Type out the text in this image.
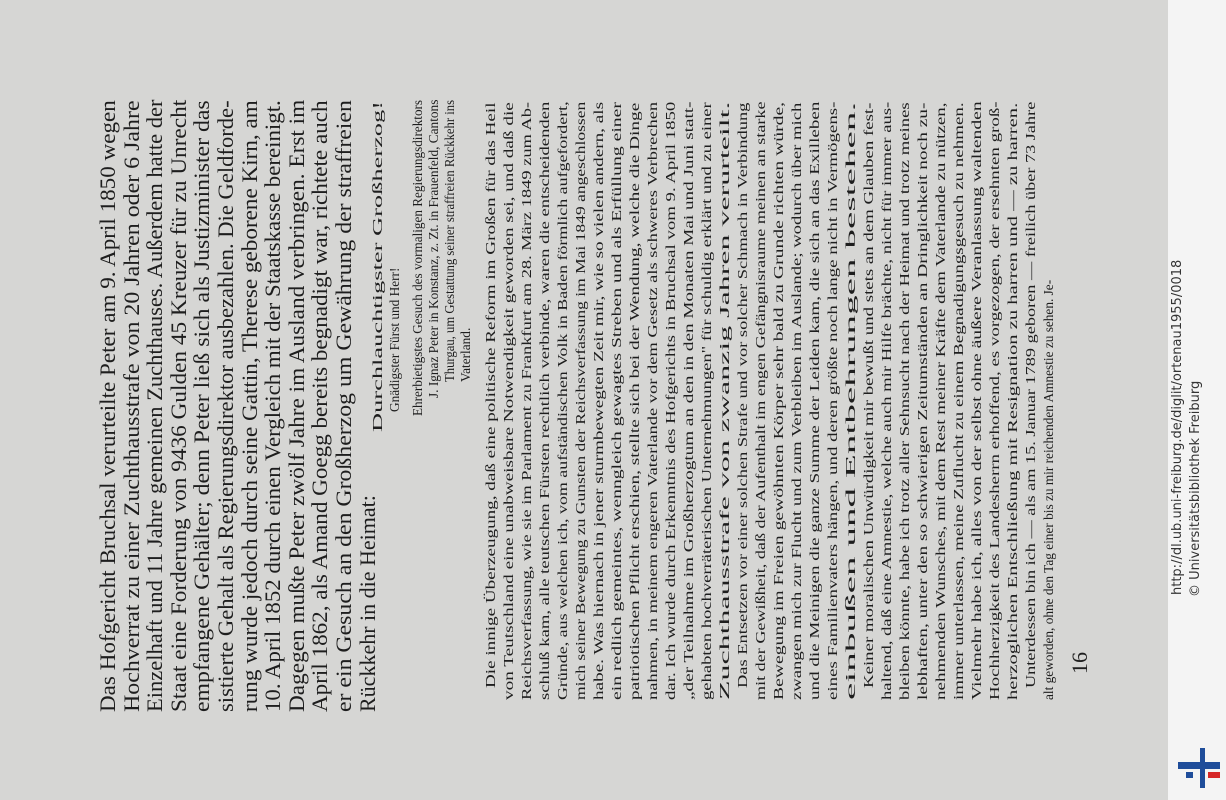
Das Hofgericht Bruchsal verurteilte Peter am 9. April 1850 wegen
Hochverrat zu einer Zuchthausstrafe von 20 Jahren oder 6 Jahre
Einzelhaft und 11 Jahre gemeinen Zuchthauses. Außerdem hatte der
Staat eine Forderung von 9436 Gulden 45 Kreuzer für zu Unrecht
empfangene Gehälter; denn Peter ließ sich als Justizminister das
sistierte Gehalt als Regierungsdirektor ausbezahlen. Die Geldforde-
rung wurde jedoch durch seine Gattin, Therese geborene Kirn, am
10. April 1852 durch einen Vergleich mit der Staatskasse bereinigt.
Dagegen mußte Peter zwölf Jahre im Ausland verbringen. Erst im
April 1862, als Amand Goegg bereits begnadigt war, richtete auch
er ein Gesuch an den Großherzog um Gewährung der straffreien
Rückkehr in die Heimat:
Durchlauchtigster Großherzog! Gnädigster Fürst und Herr! Ehrerbietigstes Gesuch des vormaligen Regierungsdirektors J. Ignaz Peter in Konstanz, z. Zt. in Frauenfeld, Cantons Thurgau, um Gestattung seiner straffreien Rückkehr ins Vaterland. Die innige Überzeugung, daß eine politische Reform im Großen für das Heil von Teutschland eine unabweisbare Notwendigkeit geworden sei, und daß die Reichsverfassung, wie sie im Parlament zu Frankfurt am 28. März 1849 zum Ab- schluß kam, alle teutschen Fürsten rechtlich verbinde, waren die entscheidenden Gründe, aus welchen ich, vom aufständischen Volk in Baden förmlich aufgefordert, mich seiner Bewegung zu Gunsten der Reichsverfassung im Mai 1849 angeschlossen habe. Was hiernach in jener sturmbewegten Zeit mir, wie so vielen andern, als ein redlich gemeintes, wenngleich gewagtes Streben und als Erfüllung einer patriotischen Pflicht erschien, stellte sich bei der Wendung, welche die Dinge nahmen, in meinem engeren Vaterlande vor dem Gesetz als schweres Verbrechen dar. Ich wurde durch Erkenntnis des Hofgerichts in Bruchsal vom 9. April 1850 „der Teilnahme im Großherzogtum an den in den Monaten Mai und Juni statt- gehabten hochverräterischen Unternehmungen" für schuldig erklärt und zu einer Zuchthausstrafe von zwanzig Jahren verurteilt. Das Entsetzen vor einer solchen Strafe und vor solcher Schmach in Verbindung mit der Gewißheit, daß der Aufenthalt im engen Gefängnisraume meinen an starke Bewegung im Freien gewöhnten Körper sehr bald zu Grunde richten würde, zwangen mich zur Flucht und zum Verbleiben im Auslande; wodurch über mich und die Meinigen die ganze Summe der Leiden kam, die sich an das Exilleben eines Familienvaters hängen, und deren größte noch lange nicht in Vermögens- einbußen und Entbehrungen bestehen. Keiner moralischen Unwürdigkeit mir bewußt und stets an dem Glauben fest- haltend, daß eine Amnestie, welche auch mir Hilfe brächte, nicht für immer aus- bleiben könnte, habe ich trotz aller Sehnsucht nach der Heimat und trotz meines lebhaften, unter den so schwierigen Zeitumständen an Dringlichkeit noch zu- nehmenden Wunsches, mit dem Rest meiner Kräfte dem Vaterlande zu nützen, immer unterlassen, meine Zuflucht zu einem Begnadigungsgesuch zu nehmen. Vielmehr habe ich, alles von der selbst ohne äußere Veranlassung waltenden Hochherzigkeit des Landesherrn erhoffend, es vorgezogen, der ersehnten groß- herzoglichen Entschließung mit Resignation zu harren und — zu harren. Unterdessen bin ich — als am 15. Januar 1789 geboren — freilich über 73 Jahre alt geworden, ohne den Tag einer bis zu mir reichenden Amnestie zu sehen. Je- 16
http://dl.ub.uni-freiburg.de/diglit/ortenau1955/0018 © Universitätsbibliothek Freiburg
